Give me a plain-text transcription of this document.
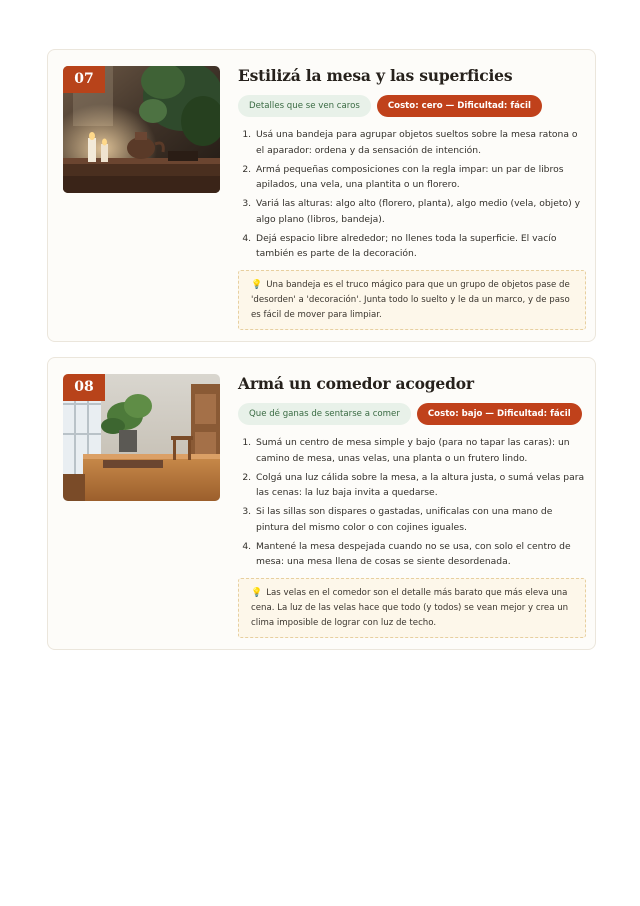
07	Estilizá la mesa y las superficies
Detalles que se ven caros	Costo: cero — Dificultad: fácil
1. Usá una bandeja para agrupar objetos sueltos sobre la mesa ratona o el aparador: ordena y da sensación de intención.
2. Armá pequeñas composiciones con la regla impar: un par de libros apilados, una vela, una plantita o un florero.
3. Variá las alturas: algo alto (florero, planta), algo medio (vela, objeto) y algo plano (libros, bandeja).
4. Dejá espacio libre alrededor; no llenes toda la superficie. El vacío también es parte de la decoración.
💡 Una bandeja es el truco mágico para que un grupo de objetos pase de 'desorden' a 'decoración'. Junta todo lo suelto y le da un marco, y de paso es fácil de mover para limpiar.
08	Armá un comedor acogedor
Que dé ganas de sentarse a comer	Costo: bajo — Dificultad: fácil
1. Sumá un centro de mesa simple y bajo (para no tapar las caras): un camino de mesa, unas velas, una planta o un frutero lindo.
2. Colgá una luz cálida sobre la mesa, a la altura justa, o sumá velas para las cenas: la luz baja invita a quedarse.
3. Si las sillas son dispares o gastadas, unificalas con una mano de pintura del mismo color o con cojines iguales.
4. Mantené la mesa despejada cuando no se usa, con solo el centro de mesa: una mesa llena de cosas se siente desordenada.
💡 Las velas en el comedor son el detalle más barato que más eleva una cena. La luz de las velas hace que todo (y todos) se vean mejor y crea un clima imposible de lograr con luz de techo.
